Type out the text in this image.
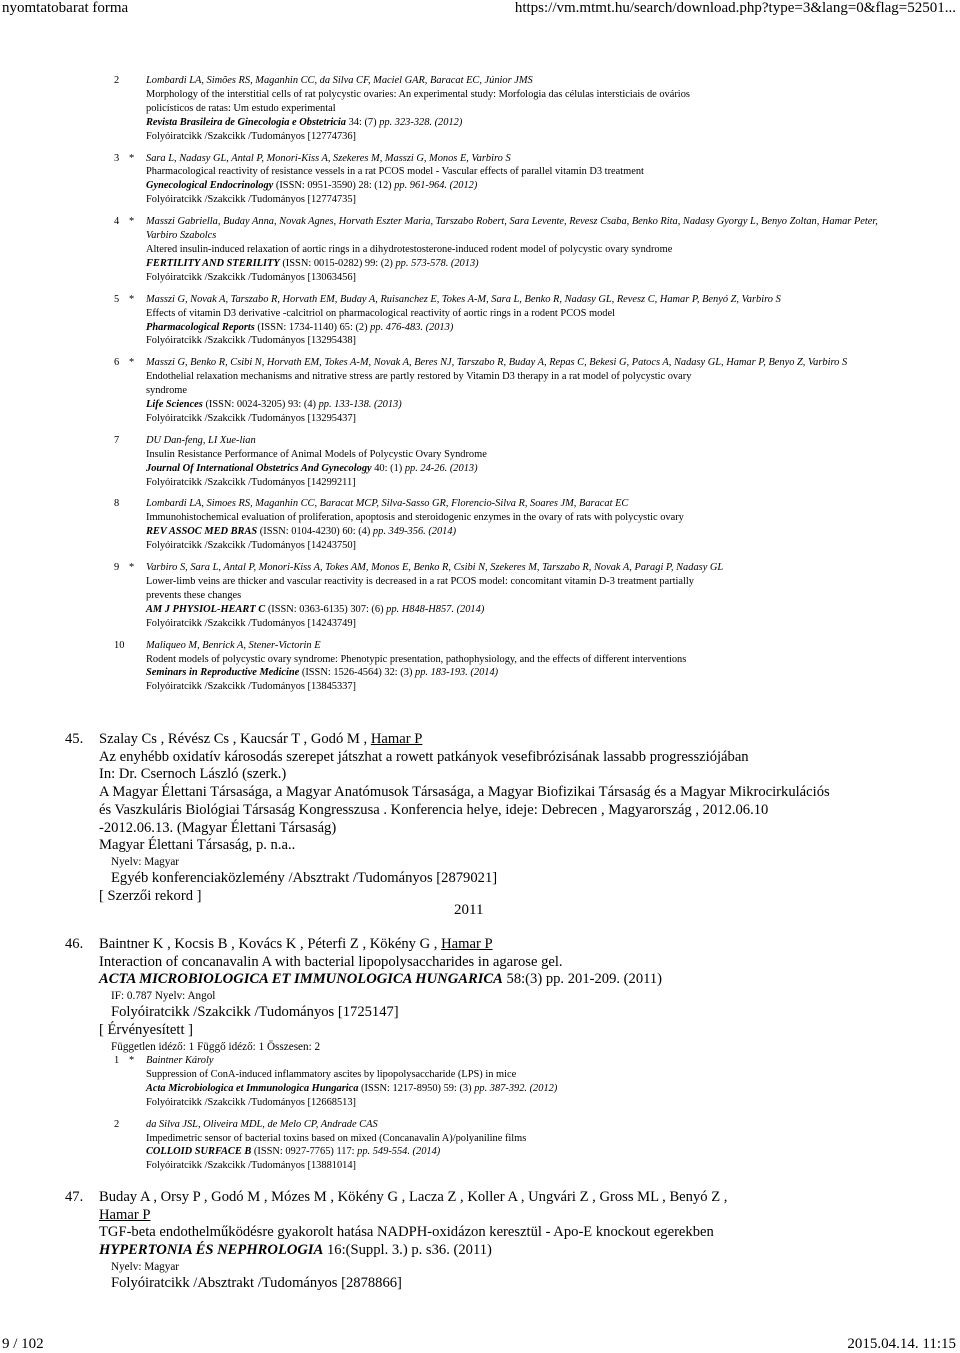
nyomtatobarat forma	https://vm.mtmt.hu/search/download.php?type=3&lang=0&flag=52501...
2	Lombardi LA, Simões RS, Maganhin CC, da Silva CF, Maciel GAR, Baracat EC, Júnior JMS
Morphology of the interstitial cells of rat polycystic ovaries: An experimental study: Morfologia das células intersticiais de ovários
policísticos de ratas: Um estudo experimental
Revista Brasileira de Ginecologia e Obstetricia 34: (7) pp. 323-328. (2012)
Folyóiratcikk /Szakcikk /Tudományos [12774736]
3 * Sara L, Nadasy GL, Antal P, Monori-Kiss A, Szekeres M, Masszi G, Monos E, Varbiro S
Pharmacological reactivity of resistance vessels in a rat PCOS model - Vascular effects of parallel vitamin D3 treatment
Gynecological Endocrinology (ISSN: 0951-3590) 28: (12) pp. 961-964. (2012)
Folyóiratcikk /Szakcikk /Tudományos [12774735]
4 * Masszi Gabriella, Buday Anna, Novak Agnes, Horvath Eszter Maria, Tarszabo Robert, Sara Levente, Revesz Csaba, Benko Rita, Nadasy Gyorgy L, Benyo Zoltan, Hamar Peter, Varbiro Szabolcs
Altered insulin-induced relaxation of aortic rings in a dihydrotestosterone-induced rodent model of polycystic ovary syndrome
FERTILITY AND STERILITY (ISSN: 0015-0282) 99: (2) pp. 573-578. (2013)
Folyóiratcikk /Szakcikk /Tudományos [13063456]
5 * Masszi G, Novak A, Tarszabo R, Horvath EM, Buday A, Ruisanchez E, Tokes A-M, Sara L, Benko R, Nadasy GL, Revesz C, Hamar P, Benyó Z, Varbiro S
Effects of vitamin D3 derivative -calcitriol on pharmacological reactivity of aortic rings in a rodent PCOS model
Pharmacological Reports (ISSN: 1734-1140) 65: (2) pp. 476-483. (2013)
Folyóiratcikk /Szakcikk /Tudományos [13295438]
6 * Masszi G, Benko R, Csibi N, Horvath EM, Tokes A-M, Novak A, Beres NJ, Tarszabo R, Buday A, Repas C, Bekesi G, Patocs A, Nadasy GL, Hamar P, Benyo Z, Varbiro S
Endothelial relaxation mechanisms and nitrative stress are partly restored by Vitamin D3 therapy in a rat model of polycystic ovary
syndrome
Life Sciences (ISSN: 0024-3205) 93: (4) pp. 133-138. (2013)
Folyóiratcikk /Szakcikk /Tudományos [13295437]
7	DU Dan-feng, LI Xue-lian
Insulin Resistance Performance of Animal Models of Polycystic Ovary Syndrome
Journal Of International Obstetrics And Gynecology 40: (1) pp. 24-26. (2013)
Folyóiratcikk /Szakcikk /Tudományos [14299211]
8	Lombardi LA, Simoes RS, Maganhin CC, Baracat MCP, Silva-Sasso GR, Florencio-Silva R, Soares JM, Baracat EC
Immunohistochemical evaluation of proliferation, apoptosis and steroidogenic enzymes in the ovary of rats with polycystic ovary
REV ASSOC MED BRAS (ISSN: 0104-4230) 60: (4) pp. 349-356. (2014)
Folyóiratcikk /Szakcikk /Tudományos [14243750]
9 * Varbiro S, Sara L, Antal P, Monori-Kiss A, Tokes AM, Monos E, Benko R, Csibi N, Szekeres M, Tarszabo R, Novak A, Paragi P, Nadasy GL
Lower-limb veins are thicker and vascular reactivity is decreased in a rat PCOS model: concomitant vitamin D-3 treatment partially
prevents these changes
AM J PHYSIOL-HEART C (ISSN: 0363-6135) 307: (6) pp. H848-H857. (2014)
Folyóiratcikk /Szakcikk /Tudományos [14243749]
10 Maliqueo M, Benrick A, Stener-Victorin E
Rodent models of polycystic ovary syndrome: Phenotypic presentation, pathophysiology, and the effects of different interventions
Seminars in Reproductive Medicine (ISSN: 1526-4564) 32: (3) pp. 183-193. (2014)
Folyóiratcikk /Szakcikk /Tudományos [13845337]
45. Szalay Cs , Révész Cs , Kaucsár T , Godó M , Hamar P
Az enyhébb oxidatív károsodás szerepet játszhat a rowett patkányok vesefibrózisának lassabb progressziójában
In: Dr. Csernoch László (szerk.)
A Magyar Élettani Társasága, a Magyar Anatómusok Társasága, a Magyar Biofizikai Társaság és a Magyar Mikrocirkulációs
és Vaszkuláris Biológiai Társaság Kongresszusa . Konferencia helye, ideje: Debrecen , Magyarország , 2012.06.10
-2012.06.13. (Magyar Élettani Társaság)
Magyar Élettani Társaság, p. n.a..
Nyelv: Magyar
Egyéb konferenciaközlemény /Absztrakt /Tudományos [2879021]
[ Szerzői rekord ]
2011
46. Baintner K , Kocsis B , Kovács K , Péterfi Z , Kökény G , Hamar P
Interaction of concanavalin A with bacterial lipopolysaccharides in agarose gel.
ACTA MICROBIOLOGICA ET IMMUNOLOGICA HUNGARICA 58:(3) pp. 201-209. (2011)
IF: 0.787 Nyelv: Angol
Folyóiratcikk /Szakcikk /Tudományos [1725147]
[ Érvényesített ]
Független idéző: 1 Függő idéző: 1 Összesen: 2
1 * Baintner Károly
Suppression of ConA-induced inflammatory ascites by lipopolysaccharide (LPS) in mice
Acta Microbiologica et Immunologica Hungarica (ISSN: 1217-8950) 59: (3) pp. 387-392. (2012)
Folyóiratcikk /Szakcikk /Tudományos [12668513]
2	da Silva JSL, Oliveira MDL, de Melo CP, Andrade CAS
Impedimetric sensor of bacterial toxins based on mixed (Concanavalin A)/polyaniline films
COLLOID SURFACE B (ISSN: 0927-7765) 117: pp. 549-554. (2014)
Folyóiratcikk /Szakcikk /Tudományos [13881014]
47. Buday A , Orsy P , Godó M , Mózes M , Kökény G , Lacza Z , Koller A , Ungvári Z , Gross ML , Benyó Z ,
Hamar P
TGF-beta endothelműködésre gyakorolt hatása NADPH-oxidázon keresztül - Apo-E knockout egerekben
HYPERTONIA ÉS NEPHROLOGIA 16:(Suppl. 3.) p. s36. (2011)
Nyelv: Magyar
Folyóiratcikk /Absztrakt /Tudományos [2878866]
9 / 102	2015.04.14. 11:15
